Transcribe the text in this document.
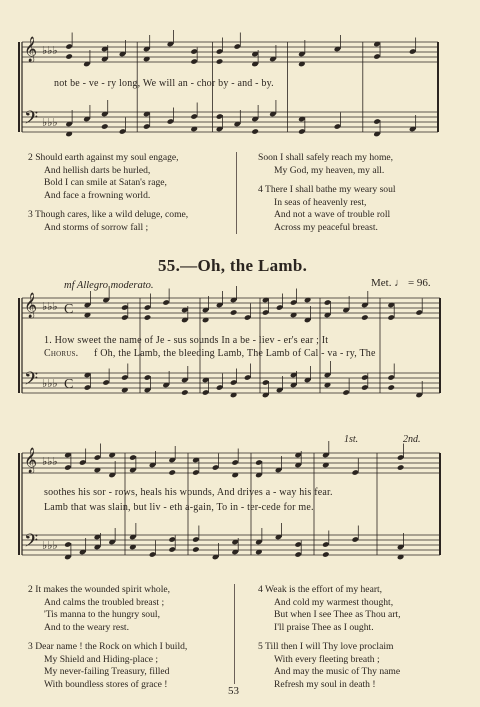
𝄞
𝄢
♭♭♭
♭♭♭
𝄞
𝄢
♭♭♭
♭♭♭
C
C
𝄞
𝄢
♭♭♭
♭♭♭
not be - ve - ry long, We will an - chor by - and - by.
2 Should earth against my soul engage,
And hellish darts be hurled,
Bold I can smile at Satan's rage,
And face a frowning world.
3 Though cares, like a wild deluge, come,
And storms of sorrow fall ;
Soon I shall safely reach my home,
My God, my heaven, my all.
4 There I shall bathe my weary soul
In seas of heavenly rest,
And not a wave of trouble roll
Across my peaceful breast.
55.—Oh, the Lamb.
mf Allegro moderato.	Met. ♩ = 96.
1. How sweet the name of Je - sus sounds In a be - liev - er's ear ; It
Chorus. f Oh, the Lamb, the bleeding Lamb, The Lamb of Cal - va - ry, The
1st.	2nd.
soothes his sor - rows, heals his wounds, And drives a - way his fear.
Lamb that was slain, but liv - eth a-gain, To in - ter-cede for me.
2 It makes the wounded spirit whole,
And calms the troubled breast ;
'Tis manna to the hungry soul,
And to the weary rest.
3 Dear name ! the Rock on which I build,
My Shield and Hiding-place ;
My never-failing Treasury, filled
With boundless stores of grace !
4 Weak is the effort of my heart,
And cold my warmest thought,
But when I see Thee as Thou art,
I'll praise Thee as I ought.
5 Till then I will Thy love proclaim
With every fleeting breath ;
And may the music of Thy name
Refresh my soul in death !
53
